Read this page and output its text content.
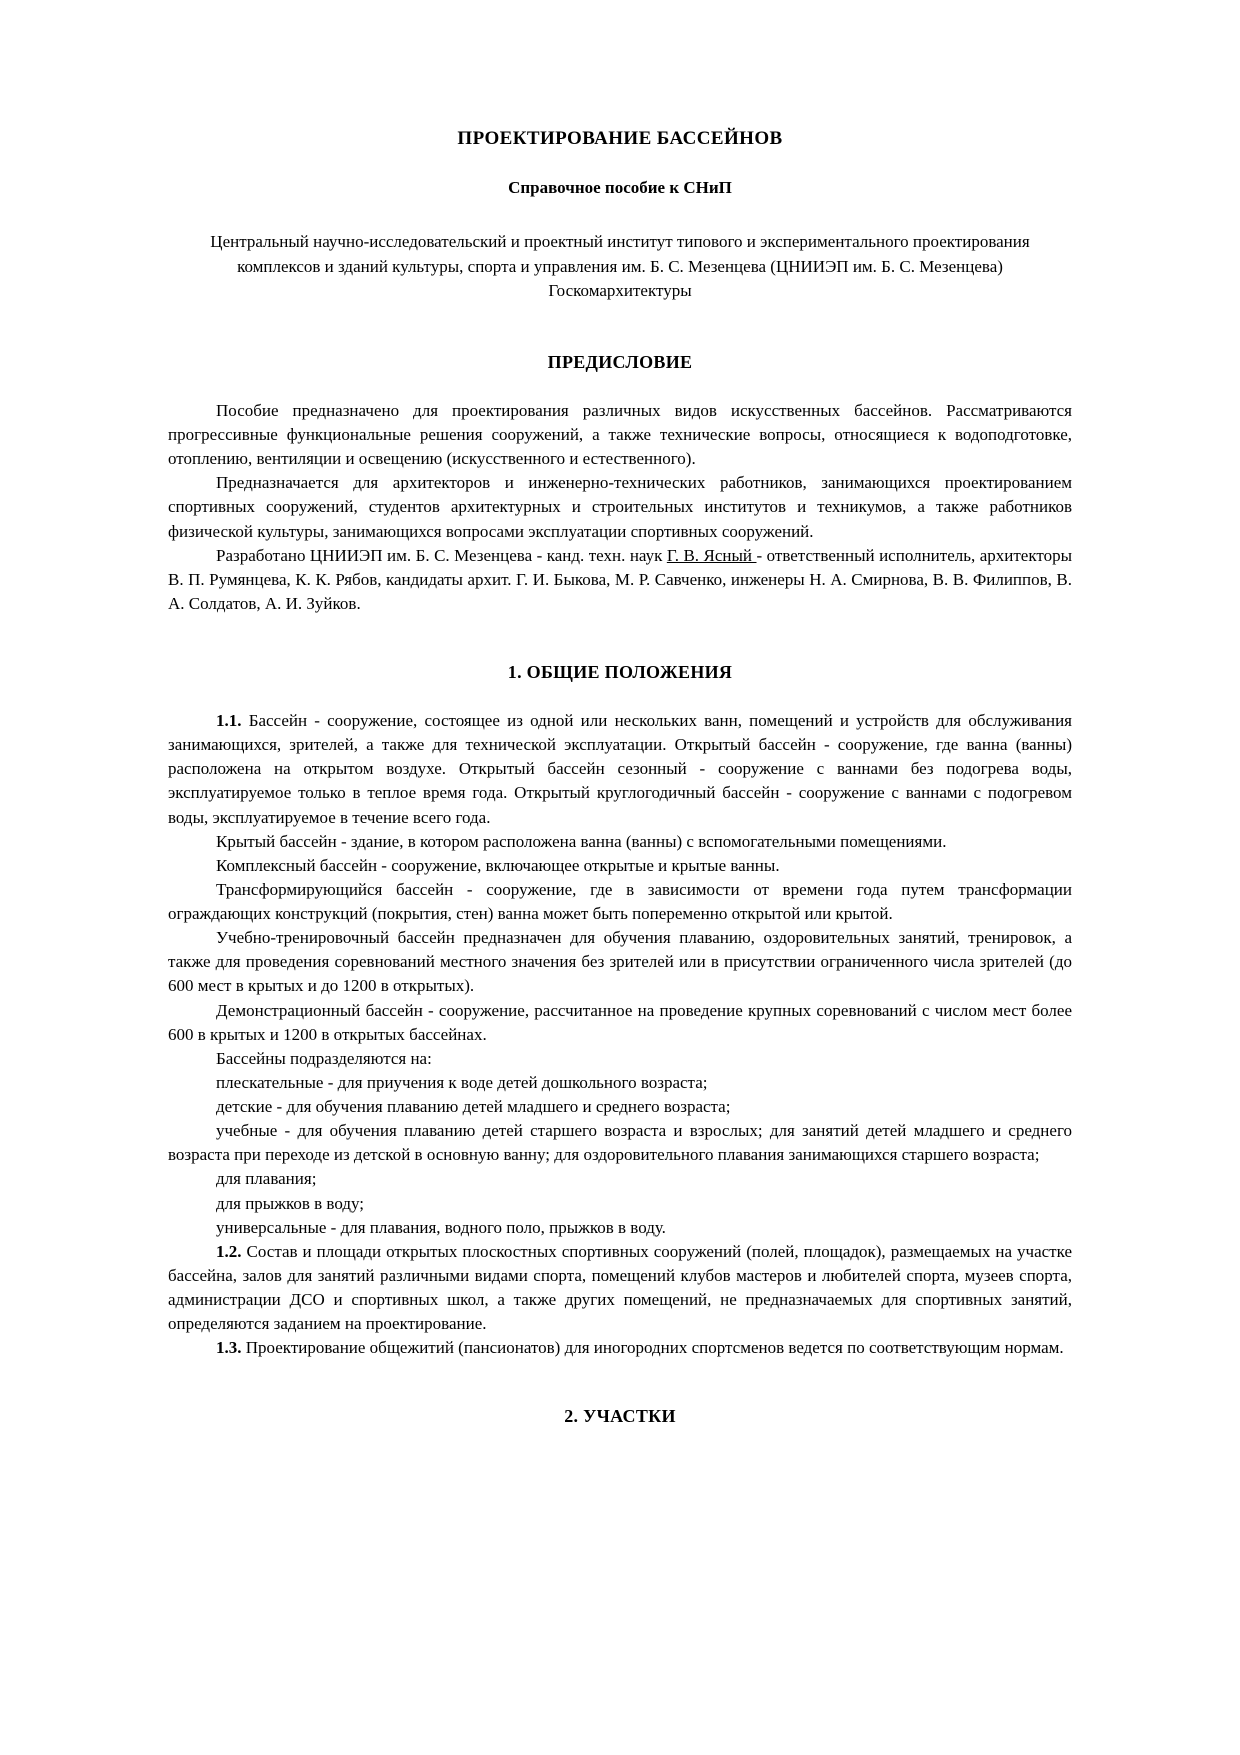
ПРОЕКТИРОВАНИЕ БАССЕЙНОВ
Справочное пособие к СНиП

Центральный научно-исследовательский и проектный институт типового и экспериментального проектирования комплексов и зданий культуры, спорта и управления им. Б. С. Мезенцева (ЦНИИЭП им. Б. С. Мезенцева) Госкомархитектуры

ПРЕДИСЛОВИЕ

Пособие предназначено для проектирования различных видов искусственных бассейнов. Рассматриваются прогрессивные функциональные решения сооружений, а также технические вопросы, относящиеся к водоподготовке, отоплению, вентиляции и освещению (искусственного и естественного).

Предназначается для архитекторов и инженерно-технических работников, занимающихся проектированием спортивных сооружений, студентов архитектурных и строительных институтов и техникумов, а также работников физической культуры, занимающихся вопросами эксплуатации спортивных сооружений.

Разработано ЦНИИЭП им. Б. С. Мезенцева - канд. техн. наук Г. В. Ясный - ответственный исполнитель, архитекторы В. П. Румянцева, К. К. Рябов, кандидаты архит. Г. И. Быкова, М. Р. Савченко, инженеры Н. А. Смирнова, В. В. Филиппов, В. А. Солдатов, А. И. Зуйков.

1. ОБЩИЕ ПОЛОЖЕНИЯ

1.1. Бассейн - сооружение, состоящее из одной или нескольких ванн, помещений и устройств для обслуживания занимающихся, зрителей, а также для технической эксплуатации. Открытый бассейн - сооружение, где ванна (ванны) расположена на открытом воздухе. Открытый бассейн сезонный - сооружение с ваннами без подогрева воды, эксплуатируемое только в теплое время года. Открытый круглогодичный бассейн - сооружение с ваннами с подогревом воды, эксплуатируемое в течение всего года.

Крытый бассейн - здание, в котором расположена ванна (ванны) с вспомогательными помещениями.

Комплексный бассейн - сооружение, включающее открытые и крытые ванны.

Трансформирующийся бассейн - сооружение, где в зависимости от времени года путем трансформации ограждающих конструкций (покрытия, стен) ванна может быть попеременно открытой или крытой.

Учебно-тренировочный бассейн предназначен для обучения плаванию, оздоровительных занятий, тренировок, а также для проведения соревнований местного значения без зрителей или в присутствии ограниченного числа зрителей (до 600 мест в крытых и до 1200 в открытых).

Демонстрационный бассейн - сооружение, рассчитанное на проведение крупных соревнований с числом мест более 600 в крытых и 1200 в открытых бассейнах.

Бассейны подразделяются на:

плескательные - для приучения к воде детей дошкольного возраста;

детские - для обучения плаванию детей младшего и среднего возраста;

учебные - для обучения плаванию детей старшего возраста и взрослых; для занятий детей младшего и среднего возраста при переходе из детской в основную ванну; для оздоровительного плавания занимающихся старшего возраста;

для плавания;

для прыжков в воду;

универсальные - для плавания, водного поло, прыжков в воду.

1.2. Состав и площади открытых плоскостных спортивных сооружений (полей, площадок), размещаемых на участке бассейна, залов для занятий различными видами спорта, помещений клубов мастеров и любителей спорта, музеев спорта, администрации ДСО и спортивных школ, а также других помещений, не предназначаемых для спортивных занятий, определяются заданием на проектирование.

1.3. Проектирование общежитий (пансионатов) для иногородних спортсменов ведется по соответствующим нормам.

2. УЧАСТКИ
